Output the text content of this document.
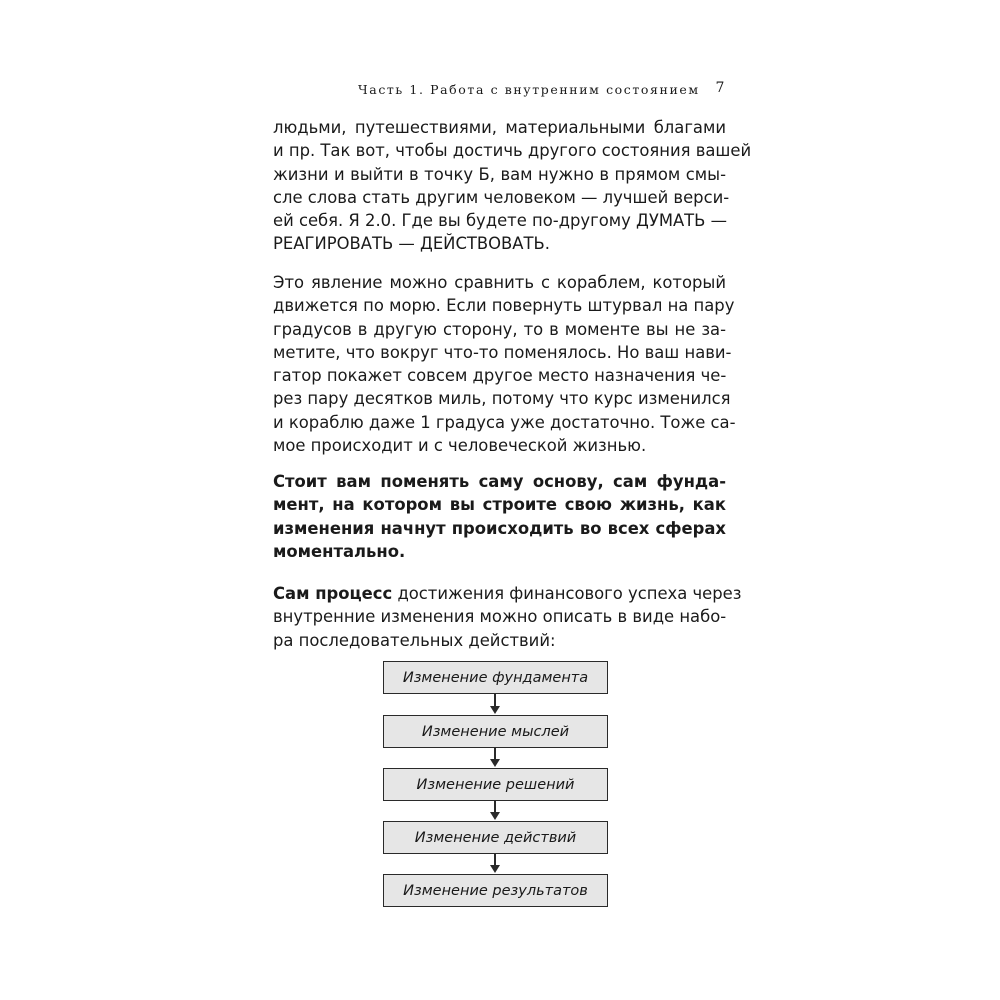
Часть 1. Работа с внутренним состоянием 7
людьми, путешествиями, материальными благами
и пр. Так вот, чтобы достичь другого состояния вашей
жизни и выйти в точку Б, вам нужно в прямом смы-
сле слова стать другим человеком — лучшей верси-
ей себя. Я 2.0. Где вы будете по-другому ДУМАТЬ —
РЕАГИРОВАТЬ — ДЕЙСТВОВАТЬ.
Это явление можно сравнить с кораблем, который
движется по морю. Если повернуть штурвал на пару
градусов в другую сторону, то в моменте вы не за-
метите, что вокруг что-то поменялось. Но ваш нави-
гатор покажет совсем другое место назначения че-
рез пару десятков миль, потому что курс изменился
и кораблю даже 1 градуса уже достаточно. Тоже са-
мое происходит и с человеческой жизнью.
Стоит вам поменять саму основу, сам фунда-
мент, на котором вы строите свою жизнь, как
изменения начнут происходить во всех сферах
моментально.
Сам процесс достижения финансового успеха через
внутренние изменения можно описать в виде набо-
ра последовательных действий:
Изменение фундамента
Изменение мыслей
Изменение решений
Изменение действий
Изменение результатов
